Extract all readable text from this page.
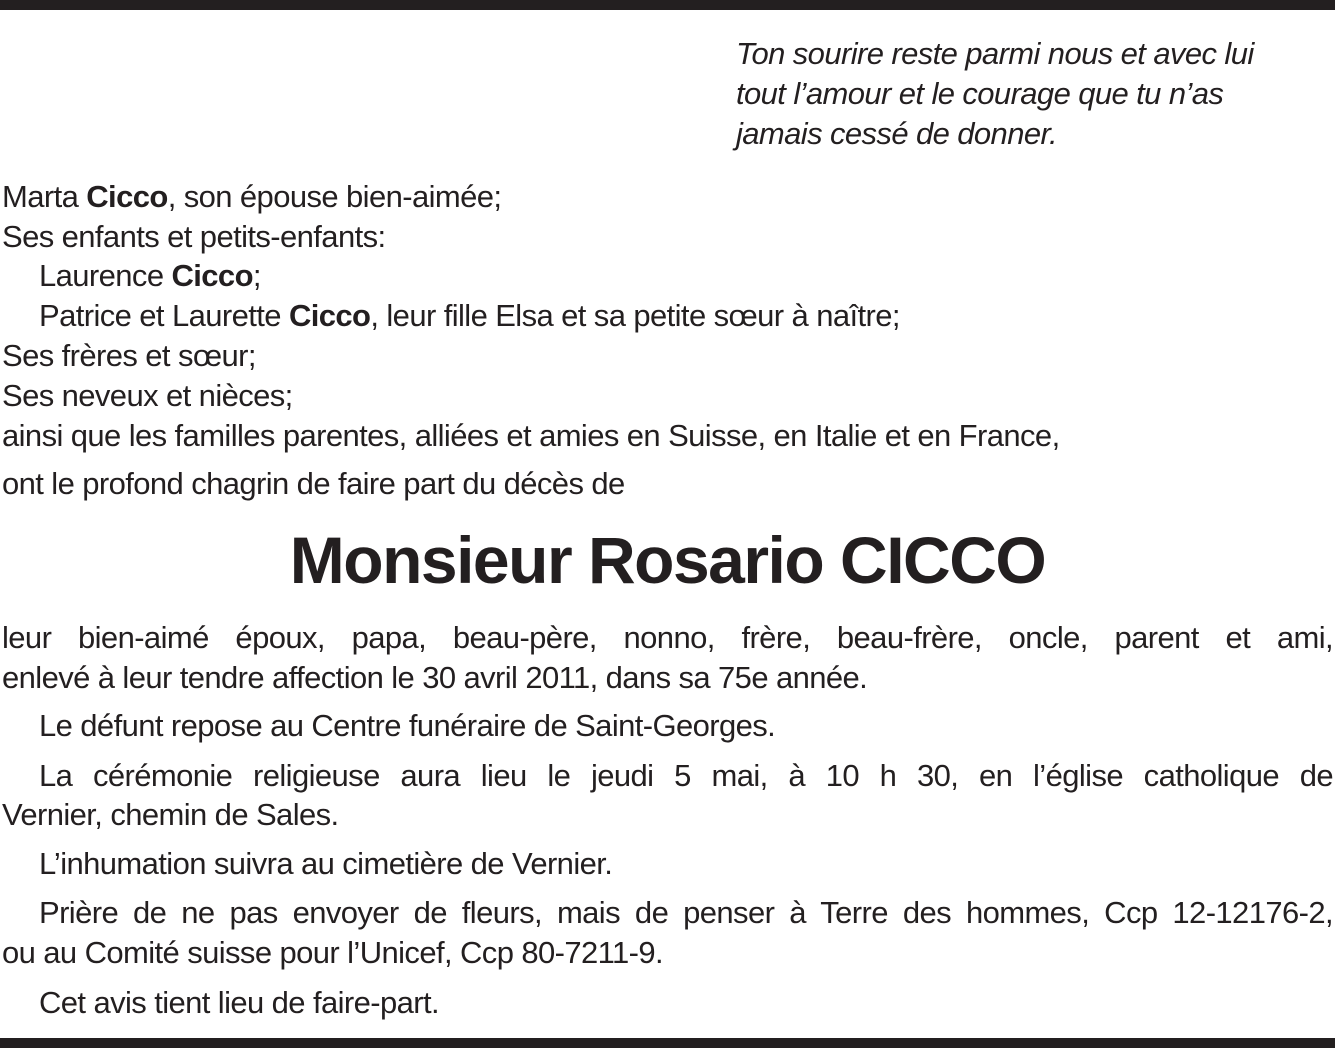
Ton sourire reste parmi nous et avec lui
tout l’amour et le courage que tu n’as
jamais cessé de donner.
Marta Cicco, son épouse bien-aimée;
Ses enfants et petits-enfants:
Laurence Cicco;
Patrice et Laurette Cicco, leur fille Elsa et sa petite sœur à naître;
Ses frères et sœur;
Ses neveux et nièces;
ainsi que les familles parentes, alliées et amies en Suisse, en Italie et en France,
ont le profond chagrin de faire part du décès de
Monsieur Rosario CICCO
leur bien-aimé époux, papa, beau-père, nonno, frère, beau-frère, oncle, parent et ami,
enlevé à leur tendre affection le 30 avril 2011, dans sa 75e année.
Le défunt repose au Centre funéraire de Saint-Georges.
La cérémonie religieuse aura lieu le jeudi 5 mai, à 10 h 30, en l’église catholique de
Vernier, chemin de Sales.
L’inhumation suivra au cimetière de Vernier.
Prière de ne pas envoyer de fleurs, mais de penser à Terre des hommes, Ccp 12-12176-2,
ou au Comité suisse pour l’Unicef, Ccp 80-7211-9.
Cet avis tient lieu de faire-part.
